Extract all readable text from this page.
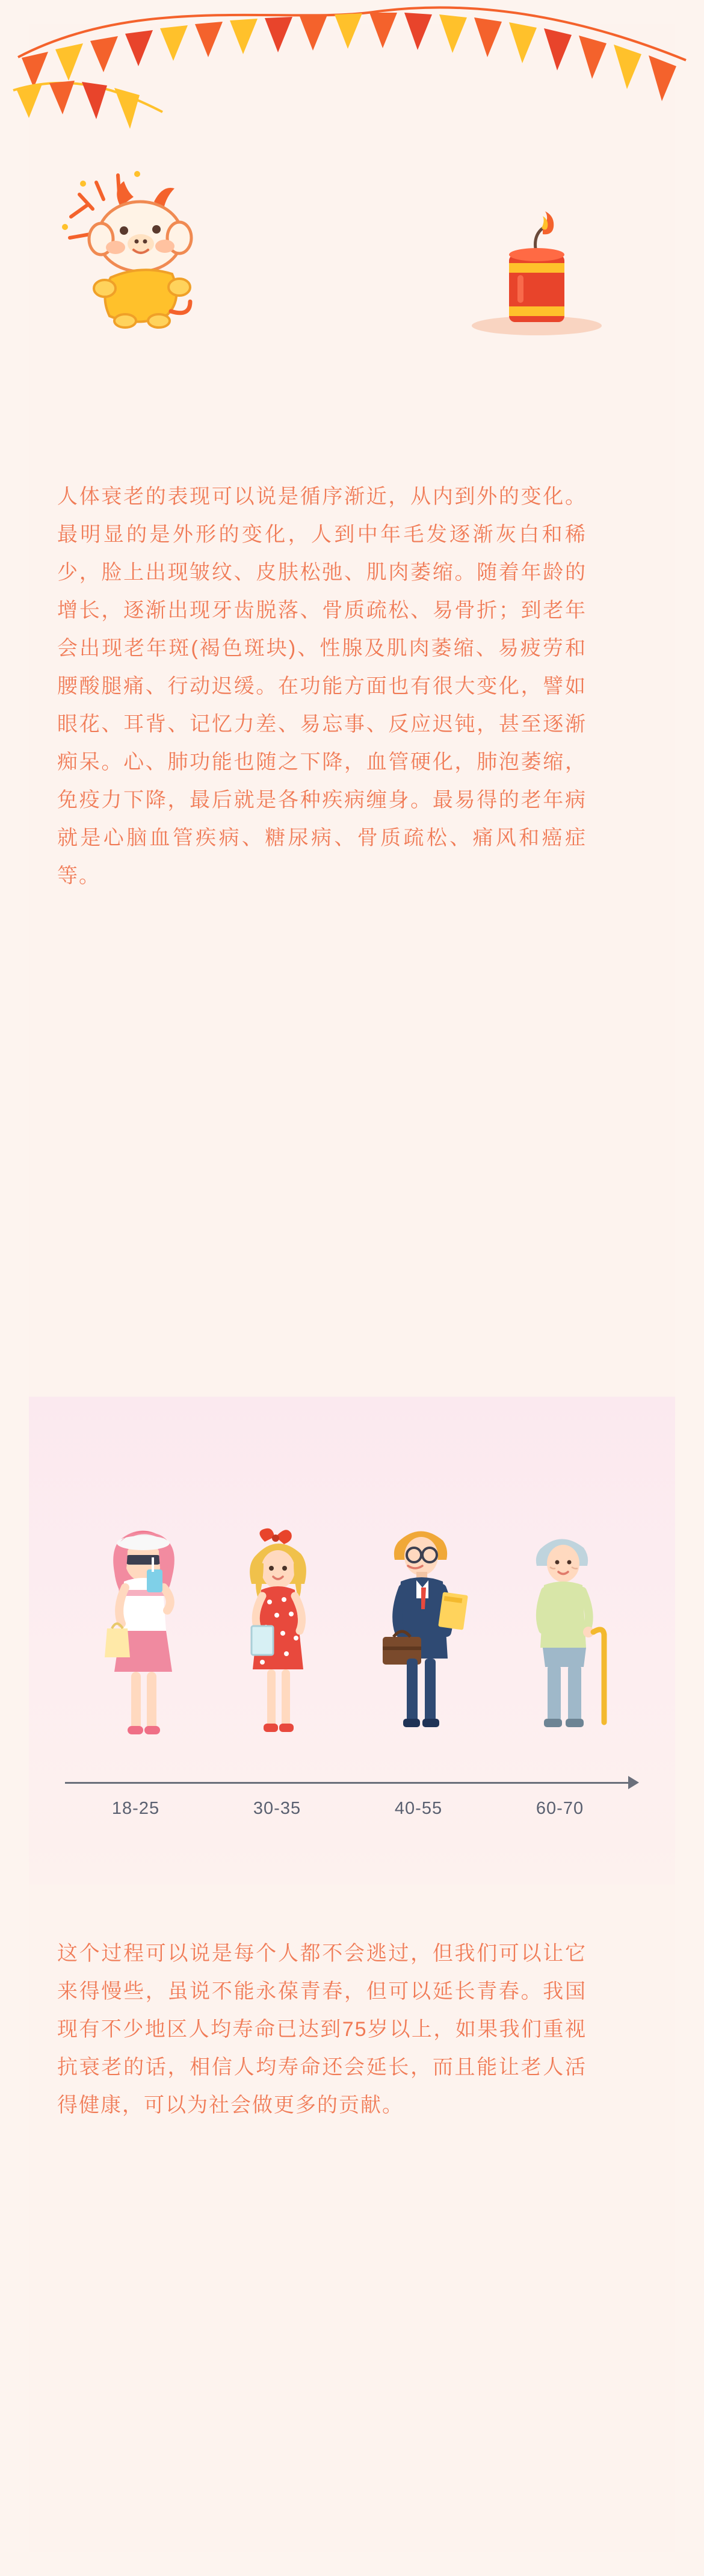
人体衰老的表现可以说是循序渐近，从内到外的变化。最明显的是外形的变化，人到中年毛发逐渐灰白和稀少，脸上出现皱纹、皮肤松弛、肌肉萎缩。随着年龄的增长，逐渐出现牙齿脱落、骨质疏松、易骨折；到老年会出现老年斑(褐色斑块)、性腺及肌肉萎缩、易疲劳和腰酸腿痛、行动迟缓。在功能方面也有很大变化，譬如眼花、耳背、记忆力差、易忘事、反应迟钝，甚至逐渐痴呆。心、肺功能也随之下降，血管硬化，肺泡萎缩，免疫力下降，最后就是各种疾病缠身。最易得的老年病就是心脑血管疾病、糖尿病、骨质疏松、痛风和癌症等。

18-25	30-35	40-55	60-70

这个过程可以说是每个人都不会逃过，但我们可以让它来得慢些，虽说不能永葆青春，但可以延长青春。我国现有不少地区人均寿命已达到75岁以上，如果我们重视抗衰老的话，相信人均寿命还会延长，而且能让老人活得健康，可以为社会做更多的贡献。
